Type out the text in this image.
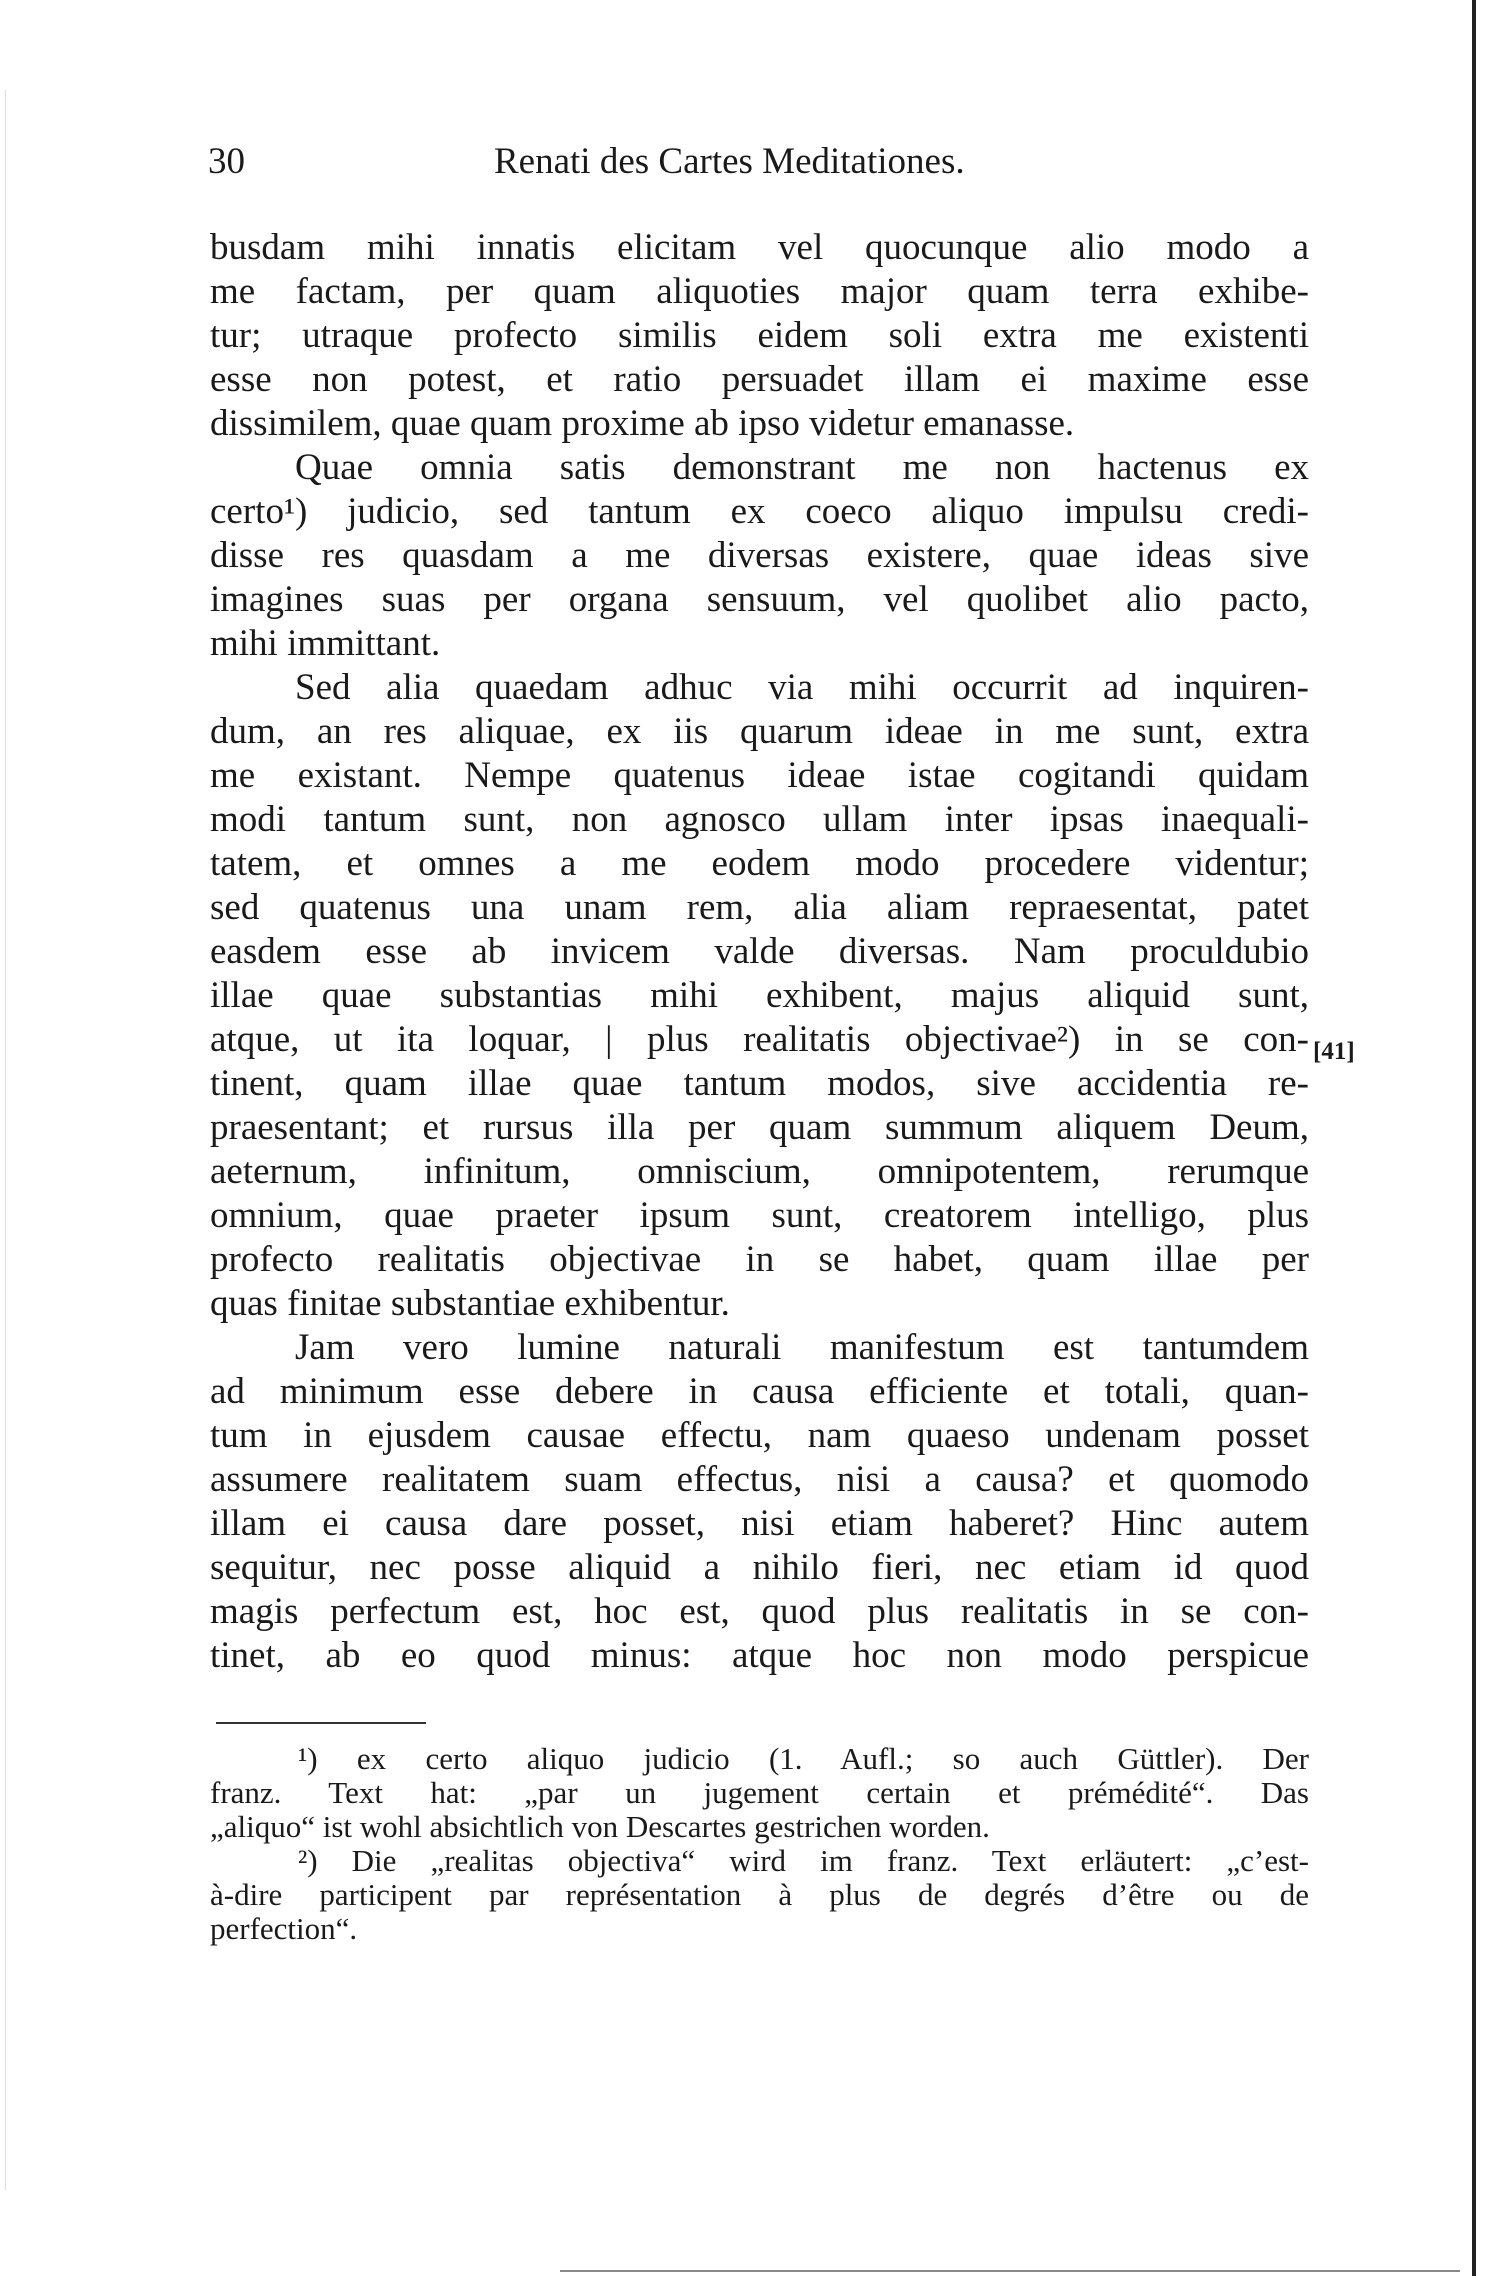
30	Renati des Cartes Meditationes.
busdam mihi innatis elicitam vel quocunque alio modo a
me factam, per quam aliquoties major quam terra exhibe-
tur; utraque profecto similis eidem soli extra me existenti
esse non potest, et ratio persuadet illam ei maxime esse
dissimilem, quae quam proxime ab ipso videtur emanasse.
Quae omnia satis demonstrant me non hactenus ex
certo¹) judicio, sed tantum ex coeco aliquo impulsu credi-
disse res quasdam a me diversas existere, quae ideas sive
imagines suas per organa sensuum, vel quolibet alio pacto,
mihi immittant.
Sed alia quaedam adhuc via mihi occurrit ad inquiren-
dum, an res aliquae, ex iis quarum ideae in me sunt, extra
me existant. Nempe quatenus ideae istae cogitandi quidam
modi tantum sunt, non agnosco ullam inter ipsas inaequali-
tatem, et omnes a me eodem modo procedere videntur;
sed quatenus una unam rem, alia aliam repraesentat, patet
easdem esse ab invicem valde diversas. Nam proculdubio
illae quae substantias mihi exhibent, majus aliquid sunt,
atque, ut ita loquar, | plus realitatis objectivae²) in se con-
tinent, quam illae quae tantum modos, sive accidentia re-
praesentant; et rursus illa per quam summum aliquem Deum,
aeternum, infinitum, omniscium, omnipotentem, rerumque
omnium, quae praeter ipsum sunt, creatorem intelligo, plus
profecto realitatis objectivae in se habet, quam illae per
quas finitae substantiae exhibentur.
Jam vero lumine naturali manifestum est tantumdem
ad minimum esse debere in causa efficiente et totali, quan-
tum in ejusdem causae effectu, nam quaeso undenam posset
assumere realitatem suam effectus, nisi a causa? et quomodo
illam ei causa dare posset, nisi etiam haberet? Hinc autem
sequitur, nec posse aliquid a nihilo fieri, nec etiam id quod
magis perfectum est, hoc est, quod plus realitatis in se con-
tinet, ab eo quod minus: atque hoc non modo perspicue
[41]
¹) ex certo aliquo judicio (1. Aufl.; so auch Güttler). Der
franz. Text hat: „par un jugement certain et prémédité“. Das
„aliquo“ ist wohl absichtlich von Descartes gestrichen worden.
²) Die „realitas objectiva“ wird im franz. Text erläutert: „c’est-
à-dire participent par représentation à plus de degrés d’être ou de
perfection“.
